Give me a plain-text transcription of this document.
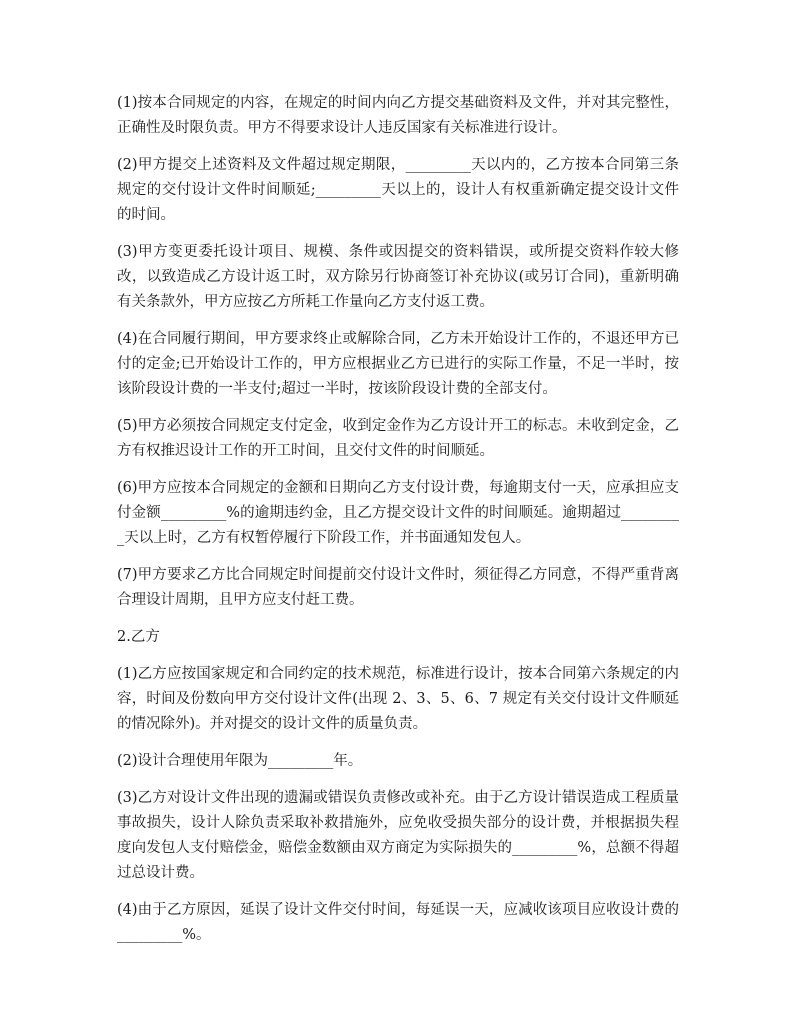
(1)按本合同规定的内容，在规定的时间内向乙方提交基础资料及文件，并对其完整性，正确性及时限负责。甲方不得要求设计人违反国家有关标准进行设计。

(2)甲方提交上述资料及文件超过规定期限，_________天以内的，乙方按本合同第三条规定的交付设计文件时间顺延;_________天以上的，设计人有权重新确定提交设计文件的时间。

(3)甲方变更委托设计项目、规模、条件或因提交的资料错误，或所提交资料作较大修改，以致造成乙方设计返工时，双方除另行协商签订补充协议(或另订合同)，重新明确有关条款外，甲方应按乙方所耗工作量向乙方支付返工费。

(4)在合同履行期间，甲方要求终止或解除合同，乙方未开始设计工作的，不退还甲方已付的定金;已开始设计工作的，甲方应根据业乙方已进行的实际工作量，不足一半时，按该阶段设计费的一半支付;超过一半时，按该阶段设计费的全部支付。

(5)甲方必须按合同规定支付定金，收到定金作为乙方设计开工的标志。未收到定金，乙方有权推迟设计工作的开工时间，且交付文件的时间顺延。

(6)甲方应按本合同规定的金额和日期向乙方支付设计费，每逾期支付一天，应承担应支付金额_________%的逾期违约金，且乙方提交设计文件的时间顺延。逾期超过_________天以上时，乙方有权暂停履行下阶段工作，并书面通知发包人。

(7)甲方要求乙方比合同规定时间提前交付设计文件时，须征得乙方同意，不得严重背离合理设计周期，且甲方应支付赶工费。

2.乙方

(1)乙方应按国家规定和合同约定的技术规范，标准进行设计，按本合同第六条规定的内容，时间及份数向甲方交付设计文件(出现 2、3、5、6、7 规定有关交付设计文件顺延的情况除外)。并对提交的设计文件的质量负责。

(2)设计合理使用年限为_________年。

(3)乙方对设计文件出现的遗漏或错误负责修改或补充。由于乙方设计错误造成工程质量事故损失，设计人除负责采取补救措施外，应免收受损失部分的设计费，并根据损失程度向发包人支付赔偿金，赔偿金数额由双方商定为实际损失的_________%，总额不得超过总设计费。

(4)由于乙方原因，延误了设计文件交付时间，每延误一天，应减收该项目应收设计费的_________%。
